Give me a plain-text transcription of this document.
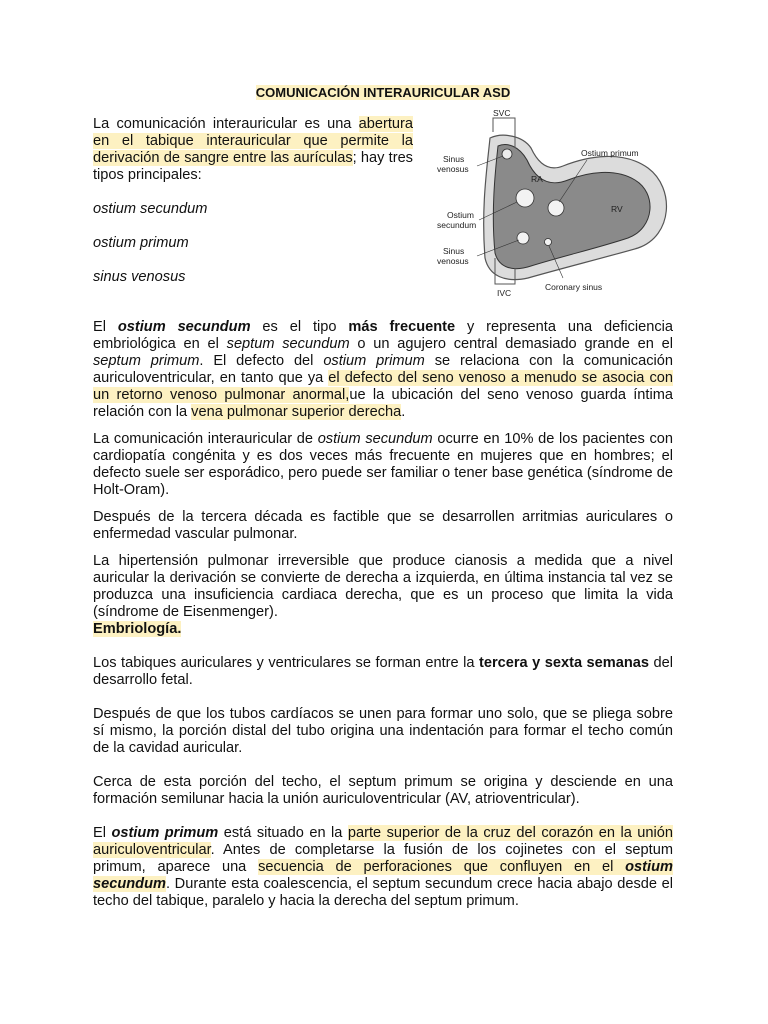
COMUNICACIÓN INTERAURICULAR ASD

La comunicación interauricular es una abertura en el tabique interauricular que permite la derivación de sangre entre las aurículas; hay tres tipos principales:

ostium secundum

ostium primum

sinus venosus

SVC
Sinus
venosus
RA
Ostium primum
Ostium
secundum
RV
Sinus
venosus
IVC
Coronary sinus

El ostium secundum es el tipo más frecuente y representa una deficiencia embriológica en el septum secundum o un agujero central demasiado grande en el septum primum. El defecto del ostium primum se relaciona con la comunicación auriculoventricular, en tanto que ya el defecto del seno venoso a menudo se asocia con un retorno venoso pulmonar anormal,ue la ubicación del seno venoso guarda íntima relación con la vena pulmonar superior derecha.

La comunicación interauricular de ostium secundum ocurre en 10% de los pacientes con cardiopatía congénita y es dos veces más frecuente en mujeres que en hombres; el defecto suele ser esporádico, pero puede ser familiar o tener base genética (síndrome de Holt-Oram).

Después de la tercera década es factible que se desarrollen arritmias auriculares o enfermedad vascular pulmonar.

La hipertensión pulmonar irreversible que produce cianosis a medida que a nivel auricular la derivación se convierte de derecha a izquierda, en última instancia tal vez se produzca una insuficiencia cardiaca derecha, que es un proceso que limita la vida (síndrome de Eisenmenger).

Embriología.

Los tabiques auriculares y ventriculares se forman entre la tercera y sexta semanas del desarrollo fetal.

Después de que los tubos cardíacos se unen para formar uno solo, que se pliega sobre sí mismo, la porción distal del tubo origina una indentación para formar el techo común de la cavidad auricular.

Cerca de esta porción del techo, el septum primum se origina y desciende en una formación semilunar hacia la unión auriculoventricular (AV, atrioventricular).

El ostium primum está situado en la parte superior de la cruz del corazón en la unión auriculoventricular. Antes de completarse la fusión de los cojinetes con el septum primum, aparece una secuencia de perforaciones que confluyen en el ostium secundum. Durante esta coalescencia, el septum secundum crece hacia abajo desde el techo del tabique, paralelo y hacia la derecha del septum primum.
